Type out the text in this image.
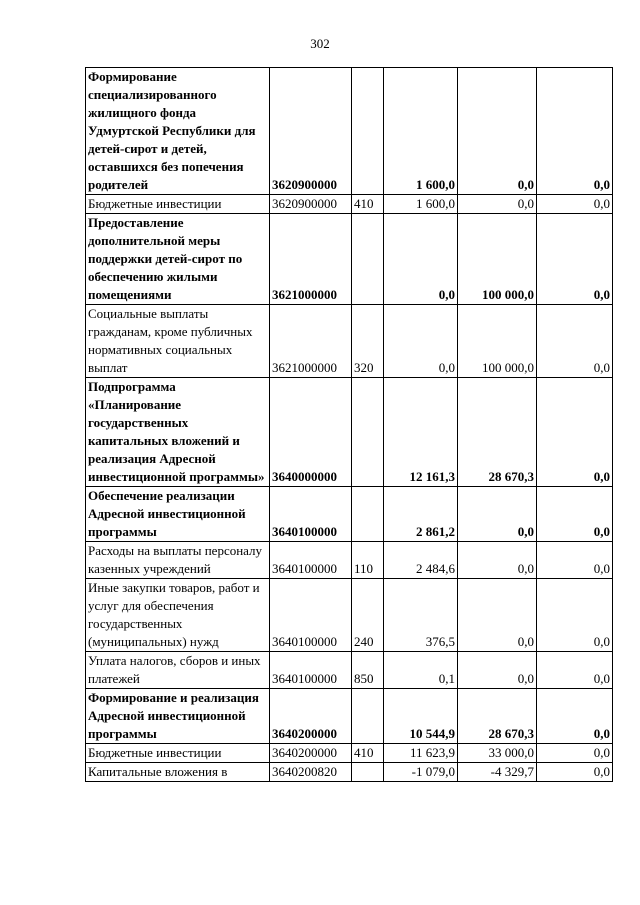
302
Формирование специализированного жилищного фонда Удмуртской Республики для детей-сирот и детей, оставшихся без попечения родителей	3620900000		1 600,0	0,0	0,0
Бюджетные инвестиции	3620900000	410	1 600,0	0,0	0,0
Предоставление дополнительной меры поддержки детей-сирот по обеспечению жилыми помещениями	3621000000		0,0	100 000,0	0,0
Социальные выплаты гражданам, кроме публичных нормативных социальных выплат	3621000000	320	0,0	100 000,0	0,0
Подпрограмма «Планирование государственных капитальных вложений и реализация Адресной инвестиционной программы»	3640000000		12 161,3	28 670,3	0,0
Обеспечение реализации Адресной инвестиционной программы	3640100000		2 861,2	0,0	0,0
Расходы на выплаты персоналу казенных учреждений	3640100000	110	2 484,6	0,0	0,0
Иные закупки товаров, работ и услуг для обеспечения государственных (муниципальных) нужд	3640100000	240	376,5	0,0	0,0
Уплата налогов, сборов и иных платежей	3640100000	850	0,1	0,0	0,0
Формирование и реализация Адресной инвестиционной программы	3640200000		10 544,9	28 670,3	0,0
Бюджетные инвестиции	3640200000	410	11 623,9	33 000,0	0,0
Капитальные вложения в	3640200820		-1 079,0	-4 329,7	0,0
